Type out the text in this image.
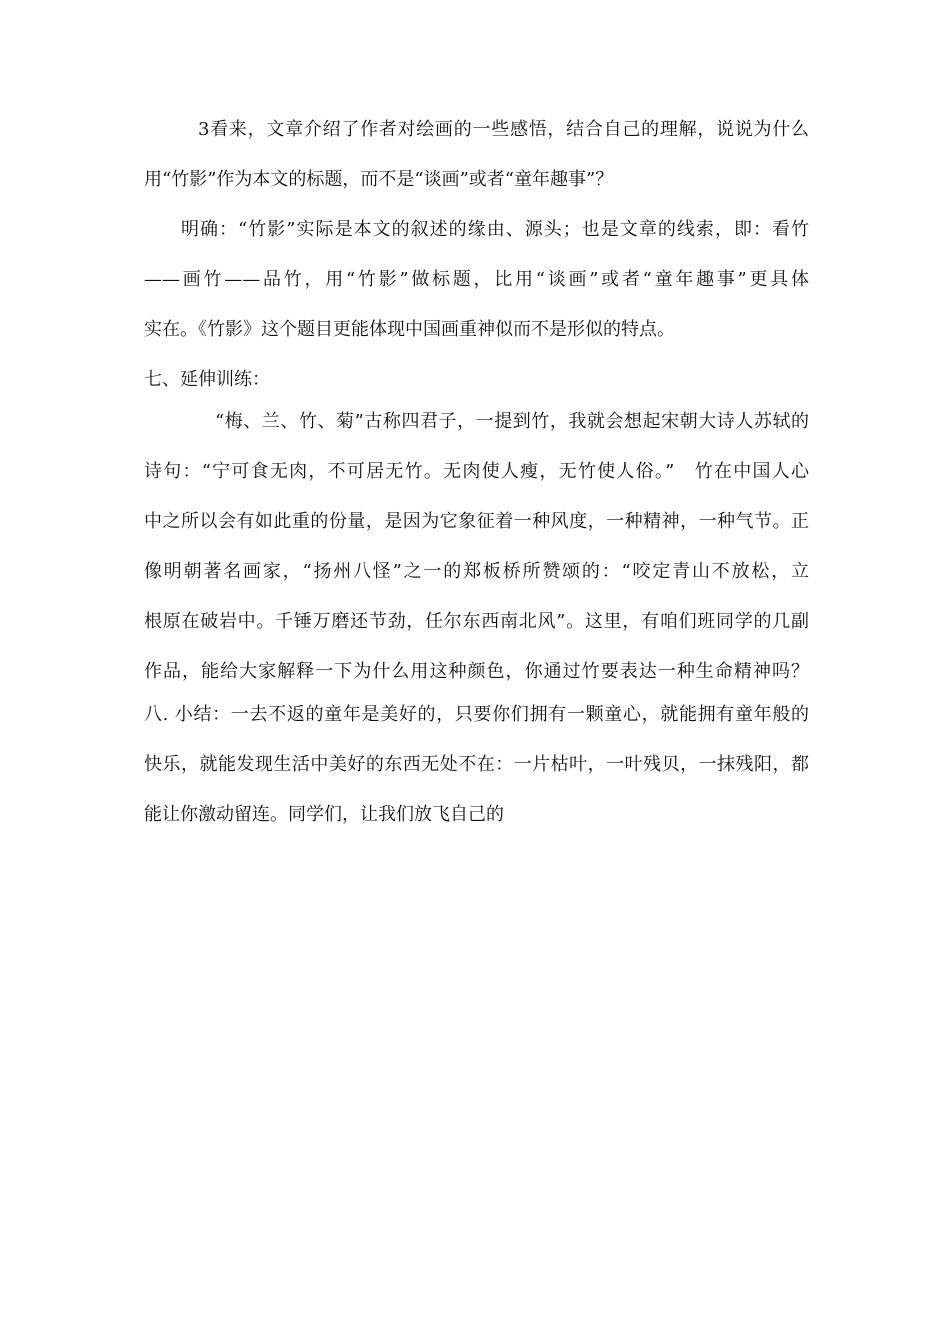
3看来，文章介绍了作者对绘画的一些感悟，结合自己的理解，说说为什么
用“竹影”作为本文的标题，而不是“谈画”或者“童年趣事”？
明确：“竹影”实际是本文的叙述的缘由、源头；也是文章的线索，即：看竹
——画竹——品竹，用“竹影”做标题，比用“谈画”或者“童年趣事”更具体
实在。《竹影》这个题目更能体现中国画重神似而不是形似的特点。
七、延伸训练：
“梅、兰、竹、菊”古称四君子，一提到竹，我就会想起宋朝大诗人苏轼的
诗句：“宁可食无肉，不可居无竹。无肉使人瘦，无竹使人俗。”　竹在中国人心
中之所以会有如此重的份量，是因为它象征着一种风度，一种精神，一种气节。正
像明朝著名画家，“扬州八怪”之一的郑板桥所赞颂的：“咬定青山不放松，立
根原在破岩中。千锤万磨还节劲，任尔东西南北风”。这里，有咱们班同学的几副
作品，能给大家解释一下为什么用这种颜色，你通过竹要表达一种生命精神吗？
八. 小结：一去不返的童年是美好的，只要你们拥有一颗童心，就能拥有童年般的
快乐，就能发现生活中美好的东西无处不在：一片枯叶，一叶残贝，一抹残阳，都
能让你激动留连。同学们，让我们放飞自己的
